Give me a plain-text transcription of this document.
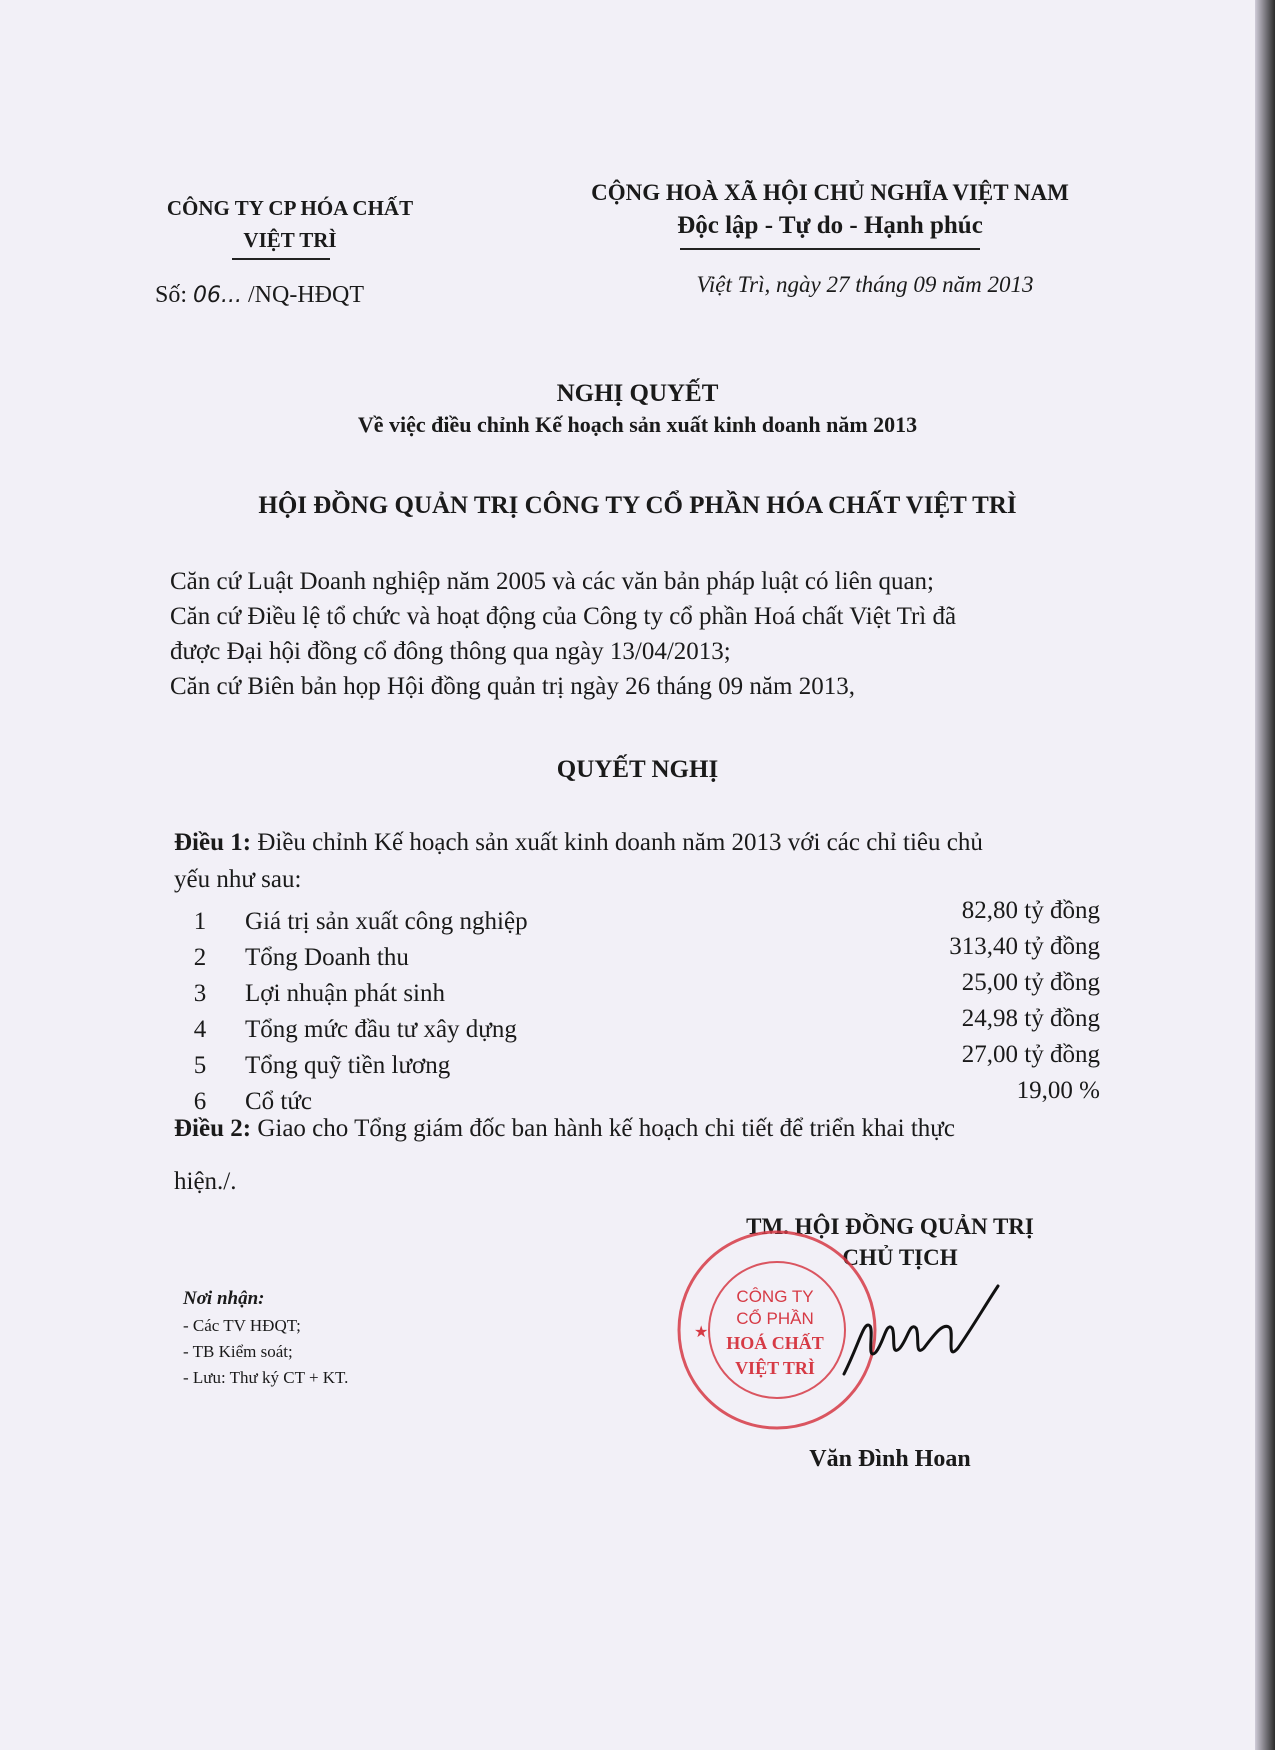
CÔNG TY CP HÓA CHẤT
VIỆT TRÌ
Số: 06... /NQ-HĐQT
CỘNG HOÀ XÃ HỘI CHỦ NGHĨA VIỆT NAM
Độc lập - Tự do - Hạnh phúc
Việt Trì, ngày 27 tháng 09 năm 2013
NGHỊ QUYẾT
Về việc điều chỉnh Kế hoạch sản xuất kinh doanh năm 2013
HỘI ĐỒNG QUẢN TRỊ CÔNG TY CỔ PHẦN HÓA CHẤT VIỆT TRÌ
Căn cứ Luật Doanh nghiệp năm 2005 và các văn bản pháp luật có liên quan;
Căn cứ Điều lệ tổ chức và hoạt động của Công ty cổ phần Hoá chất Việt Trì đã
được Đại hội đồng cổ đông thông qua ngày 13/04/2013;
Căn cứ Biên bản họp Hội đồng quản trị ngày 26 tháng 09 năm 2013,
QUYẾT NGHỊ
Điều 1: Điều chỉnh Kế hoạch sản xuất kinh doanh năm 2013 với các chỉ tiêu chủ
yếu như sau:
1 Giá trị sản xuất công nghiệp	82,80 tỷ đồng
2 Tổng Doanh thu	313,40 tỷ đồng
3 Lợi nhuận phát sinh	25,00 tỷ đồng
4 Tổng mức đầu tư xây dựng	24,98 tỷ đồng
5 Tổng quỹ tiền lương	27,00 tỷ đồng
6 Cổ tức	19,00 %
Điều 2: Giao cho Tổng giám đốc ban hành kế hoạch chi tiết để triển khai thực
hiện./.
TM. HỘI ĐỒNG QUẢN TRỊ
CHỦ TỊCH
★
CÔNG TY
CỔ PHẦN
HOÁ CHẤT
VIỆT TRÌ
Văn Đình Hoan
Nơi nhận:
- Các TV HĐQT;
- TB Kiểm soát;
- Lưu: Thư ký CT + KT.
